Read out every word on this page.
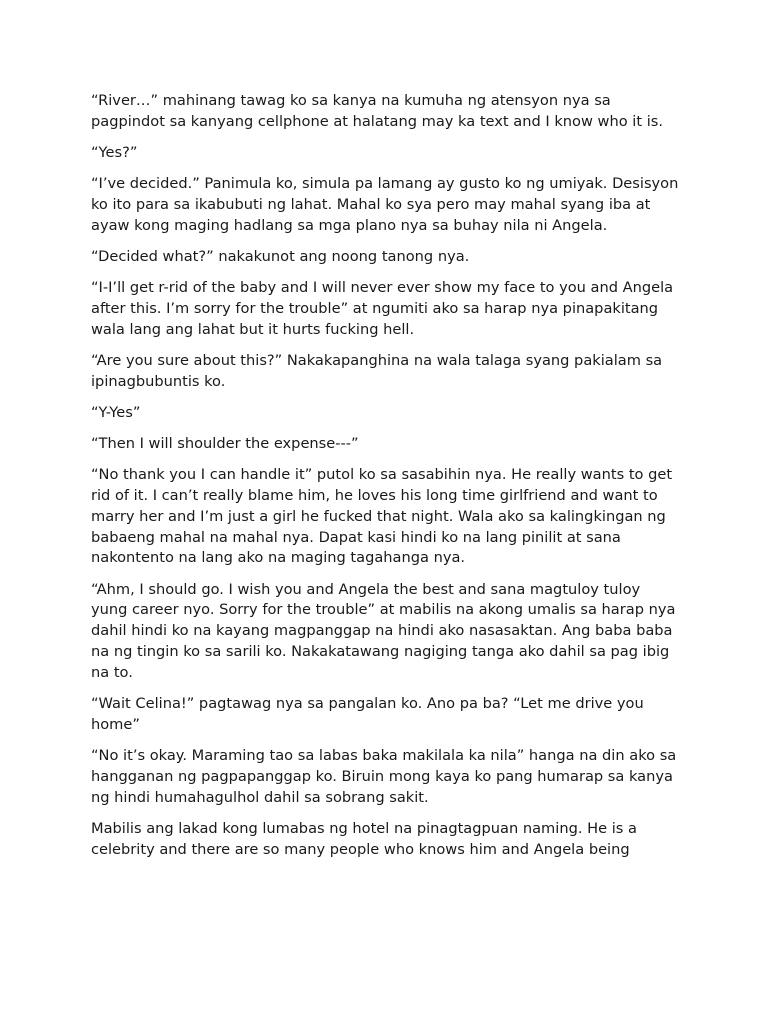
“River…” mahinang tawag ko sa kanya na kumuha ng atensyon nya sa pagpindot sa kanyang cellphone at halatang may ka text and I know who it is.

“Yes?”

“I’ve decided.” Panimula ko, simula pa lamang ay gusto ko ng umiyak. Desisyon ko ito para sa ikabubuti ng lahat. Mahal ko sya pero may mahal syang iba at ayaw kong maging hadlang sa mga plano nya sa buhay nila ni Angela.

“Decided what?” nakakunot ang noong tanong nya.

“I-I’ll get r-rid of the baby and I will never ever show my face to you and Angela after this. I’m sorry for the trouble” at ngumiti ako sa harap nya pinapakitang wala lang ang lahat but it hurts fucking hell.

“Are you sure about this?” Nakakapanghina na wala talaga syang pakialam sa ipinagbubuntis ko.

“Y-Yes”

“Then I will shoulder the expense---”

“No thank you I can handle it” putol ko sa sasabihin nya. He really wants to get rid of it. I can’t really blame him, he loves his long time girlfriend and want to marry her and I’m just a girl he fucked that night. Wala ako sa kalingkingan ng babaeng mahal na mahal nya. Dapat kasi hindi ko na lang pinilit at sana nakontento na lang ako na maging tagahanga nya.

“Ahm, I should go. I wish you and Angela the best and sana magtuloy tuloy yung career nyo. Sorry for the trouble” at mabilis na akong umalis sa harap nya dahil hindi ko na kayang magpanggap na hindi ako nasasaktan. Ang baba baba na ng tingin ko sa sarili ko. Nakakatawang nagiging tanga ako dahil sa pag ibig na to.

“Wait Celina!” pagtawag nya sa pangalan ko. Ano pa ba? “Let me drive you home”

“No it’s okay. Maraming tao sa labas baka makilala ka nila” hanga na din ako sa hangganan ng pagpapanggap ko. Biruin mong kaya ko pang humarap sa kanya ng hindi humahagulhol dahil sa sobrang sakit.

Mabilis ang lakad kong lumabas ng hotel na pinagtagpuan naming. He is a celebrity and there are so many people who knows him and Angela being
